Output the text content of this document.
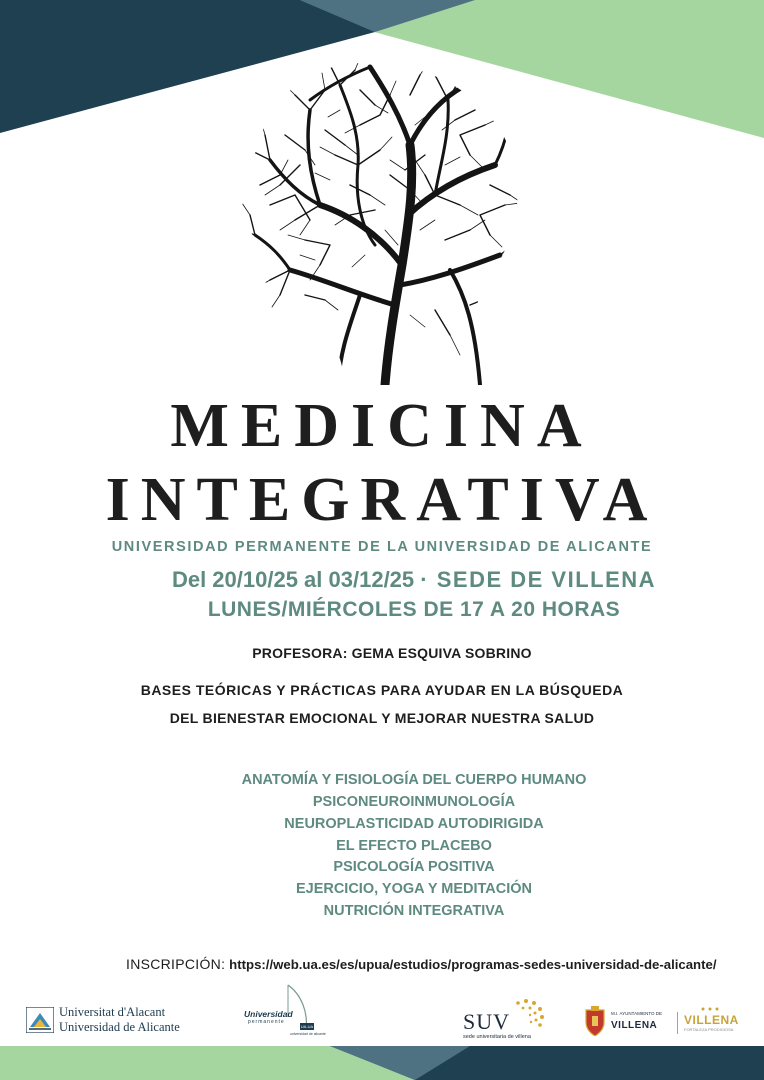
MEDICINA
INTEGRATIVA
UNIVERSIDAD PERMANENTE DE LA UNIVERSIDAD DE ALICANTE
Del 20/10/25 al 03/12/25 · SEDE DE VILLENA
LUNES/MIÉRCOLES DE 17 A 20 HORAS
PROFESORA: GEMA ESQUIVA SOBRINO
BASES TEÓRICAS Y PRÁCTICAS PARA AYUDAR EN LA BÚSQUEDA
DEL BIENESTAR EMOCIONAL Y MEJORAR NUESTRA SALUD
ANATOMÍA Y FISIOLOGÍA DEL CUERPO HUMANO
PSICONEUROINMUNOLOGÍA
NEUROPLASTICIDAD AUTODIRIGIDA
EL EFECTO PLACEBO
PSICOLOGÍA POSITIVA
EJERCICIO, YOGA Y MEDITACIÓN
NUTRICIÓN INTEGRATIVA
INSCRIPCIÓN: https://web.ua.es/es/upua/estudios/programas-sedes-universidad-de-alicante/
Universitat d'Alacant
Universidad de Alicante
Universidad
permanente
UA-UA
universidad de alicante	SUV
sede universitaria de villena
M.I. AYUNTAMIENTO DE
VILLENA VILLENA
FORTALEZA PRODIGIOSA
